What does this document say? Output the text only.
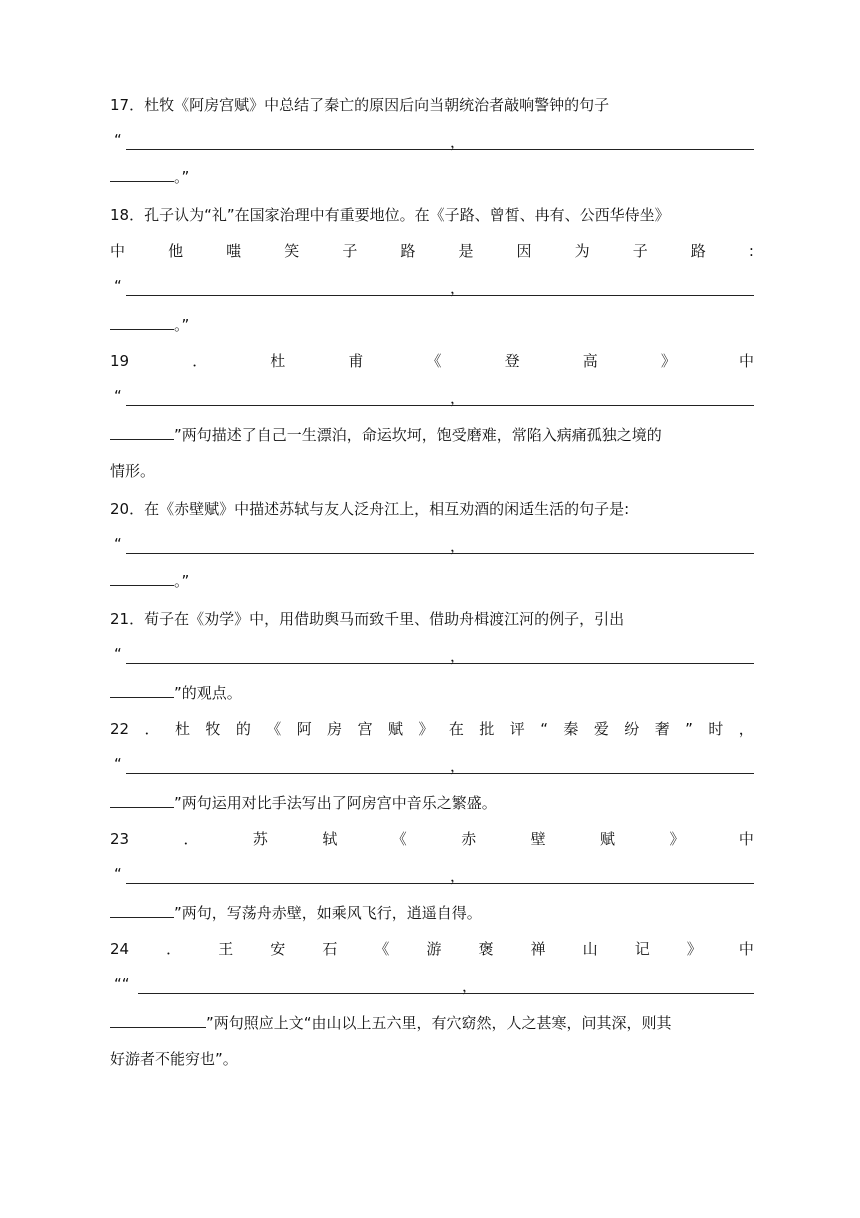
17．杜牧《阿房宫赋》中总结了秦亡的原因后向当朝统治者敲响警钟的句子
“	，
。”
18．孔子认为“礼”在国家治理中有重要地位。在《子路、曾皙、冉有、公西华侍坐》
中	他	嗤	笑	子	路	是	因	为	子	路	:
“	，
。”
19	．	杜	甫	《	登	高	》	中
“	，
”两句描述了自己一生漂泊，命运坎坷，饱受磨难，常陷入病痛孤独之境的
情形。
20．在《赤壁赋》中描述苏轼与友人泛舟江上，相互劝酒的闲适生活的句子是:
“	，
。”
21．荀子在《劝学》中，用借助舆马而致千里、借助舟楫渡江河的例子，引出
“	，
”的观点。
22 ． 杜 牧 的 《 阿 房 宫 赋 》 在 批 评 “ 秦 爱 纷 奢 ” 时 ，
“	，
”两句运用对比手法写出了阿房宫中音乐之繁盛。
23	．	苏	轼	《	赤	壁	赋	》	中
“	，
”两句，写荡舟赤壁，如乘风飞行，逍遥自得。
24 ． 王 安 石 《 游 褒 禅 山 记 》 中
““	，
”两句照应上文“由山以上五六里，有穴窈然，人之甚寒，问其深，则其
好游者不能穷也”。
